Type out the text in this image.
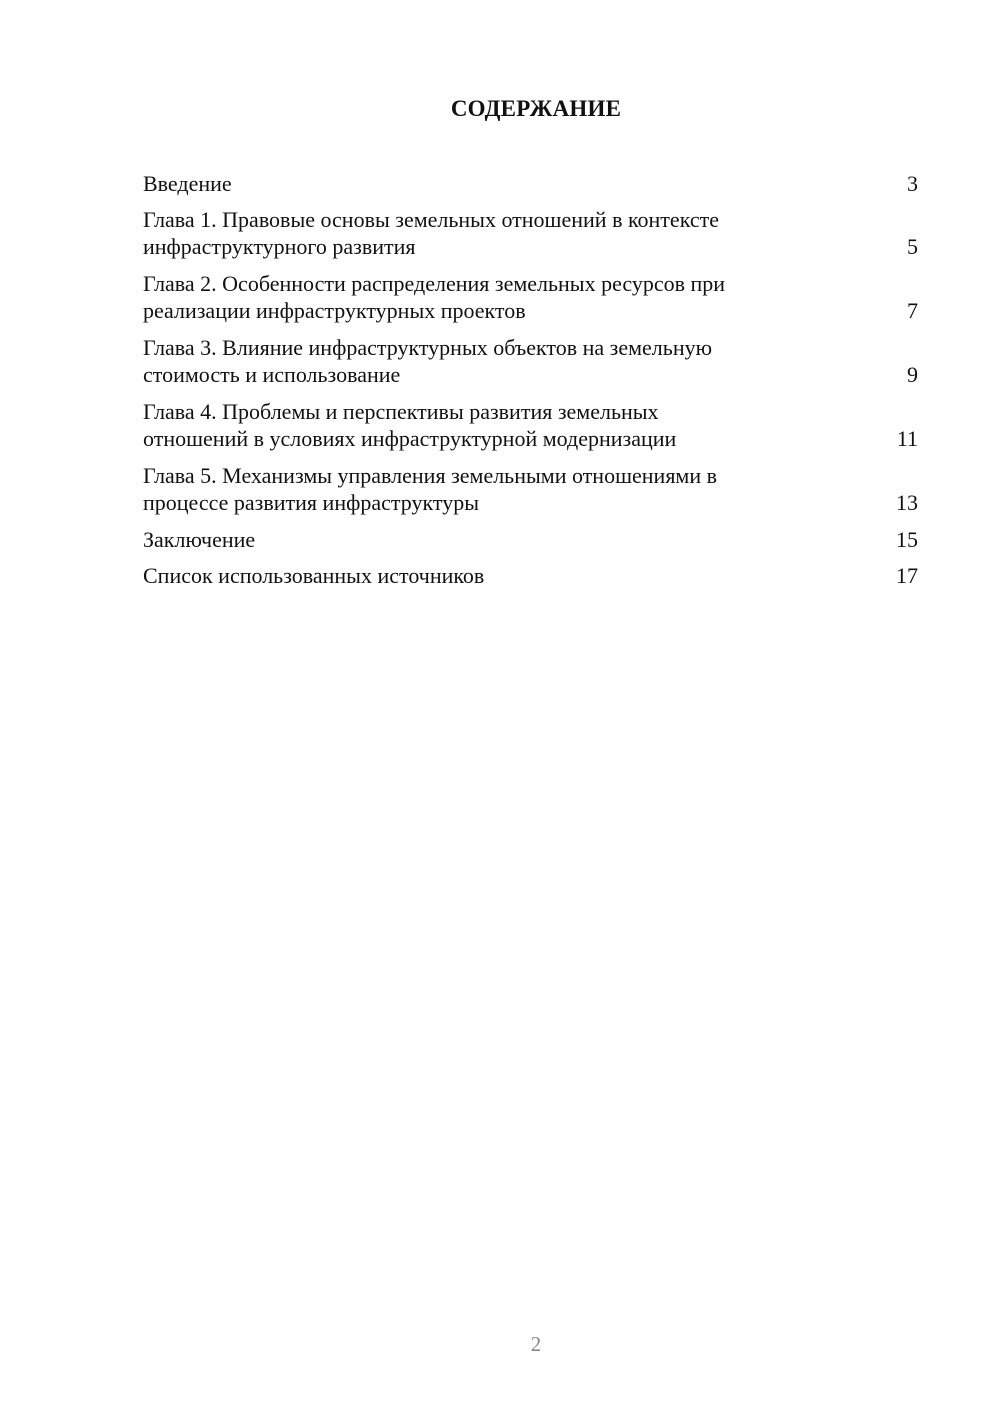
СОДЕРЖАНИЕ
Введение	3
Глава 1. Правовые основы земельных отношений в контексте
инфраструктурного развития	5
Глава 2. Особенности распределения земельных ресурсов при
реализации инфраструктурных проектов	7
Глава 3. Влияние инфраструктурных объектов на земельную
стоимость и использование	9
Глава 4. Проблемы и перспективы развития земельных
отношений в условиях инфраструктурной модернизации	11
Глава 5. Механизмы управления земельными отношениями в
процессе развития инфраструктуры	13
Заключение	15
Список использованных источников	17
2
